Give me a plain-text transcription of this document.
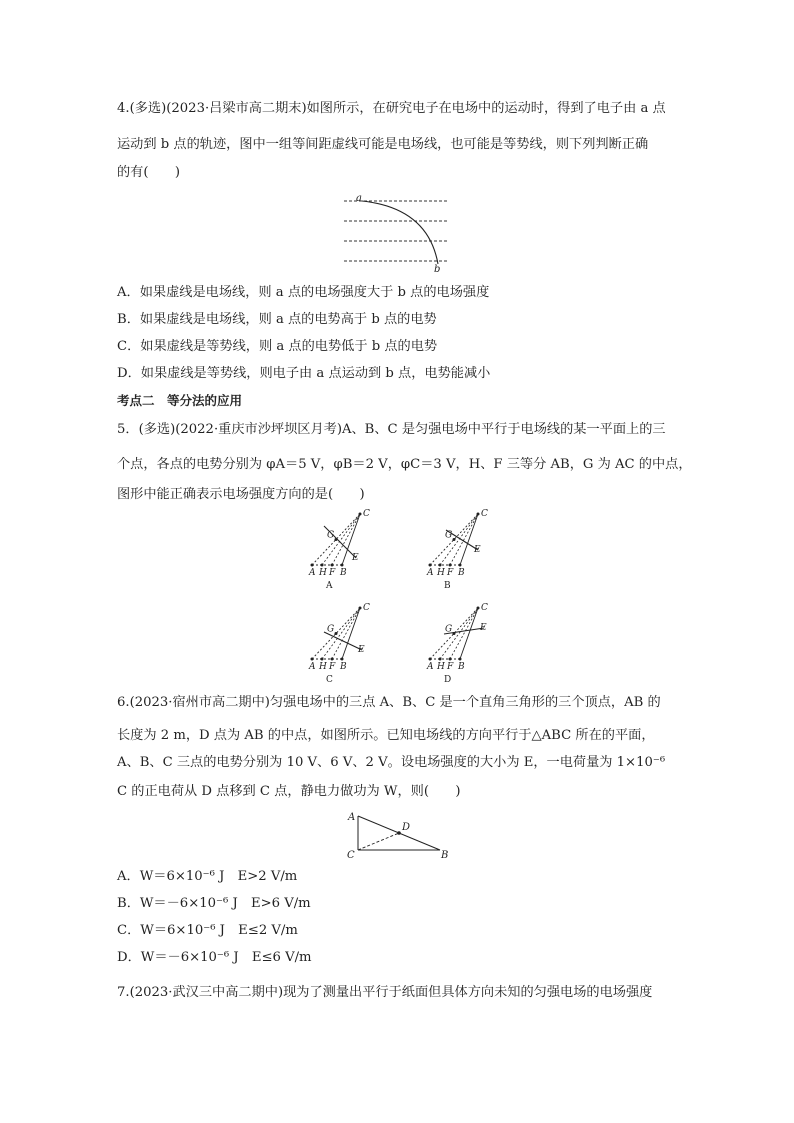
4.(多选)(2023·吕梁市高二期末)如图所示，在研究电子在电场中的运动时，得到了电子由 a 点
运动到 b 点的轨迹，图中一组等间距虚线可能是电场线，也可能是等势线，则下列判断正确
的有(　　)
a
b
A．如果虚线是电场线，则 a 点的电场强度大于 b 点的电场强度
B．如果虚线是电场线，则 a 点的电势高于 b 点的电势
C．如果虚线是等势线，则 a 点的电势低于 b 点的电势
D．如果虚线是等势线，则电子由 a 点运动到 b 点，电势能减小
考点二　等分法的应用
5．(多选)(2022·重庆市沙坪坝区月考)A、B、C 是匀强电场中平行于电场线的某一平面上的三
个点，各点的电势分别为 φA＝5 V，φB＝2 V，φC＝3 V，H、F 三等分 AB，G 为 AC 的中点，
图形中能正确表示电场强度方向的是(　　)
A H F B
C
G
E
A
A H F B
C
G
E
B
A H F B
C
G
E
C
A H F B
C
G	E
D
6.(2023·宿州市高二期中)匀强电场中的三点 A、B、C 是一个直角三角形的三个顶点，AB 的
长度为 2 m，D 点为 AB 的中点，如图所示。已知电场线的方向平行于△ABC 所在的平面，
A、B、C 三点的电势分别为 10 V、6 V、2 V。设电场强度的大小为 E，一电荷量为 1×10⁻⁶
C 的正电荷从 D 点移到 C 点，静电力做功为 W，则(　　)
A
D
C	B
A．W＝6×10⁻⁶ J　E>2 V/m
B．W＝－6×10⁻⁶ J　E>6 V/m
C．W＝6×10⁻⁶ J　E≤2 V/m
D．W＝－6×10⁻⁶ J　E≤6 V/m
7.(2023·武汉三中高二期中)现为了测量出平行于纸面但具体方向未知的匀强电场的电场强度
